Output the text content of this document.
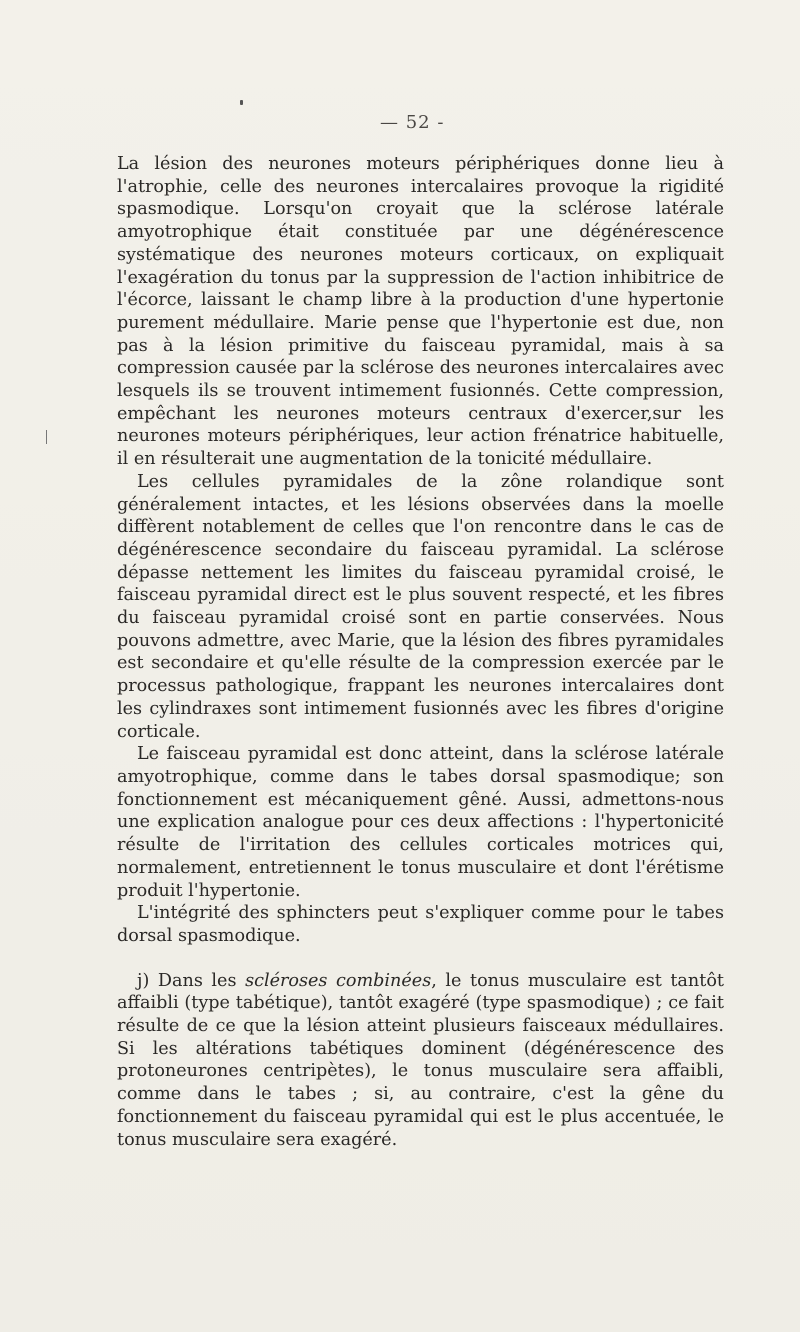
— 52 -

La lésion des neurones moteurs périphériques donne lieu à l'atrophie, celle des neurones intercalaires provoque la rigidité spasmodique. Lorsqu'on croyait que la sclérose latérale amyotrophique était constituée par une dégénérescence systématique des neurones moteurs corticaux, on expliquait l'exagération du tonus par la suppression de l'action inhibitrice de l'écorce, laissant le champ libre à la production d'une hypertonie purement médullaire. Marie pense que l'hypertonie est due, non pas à la lésion primitive du faisceau pyramidal, mais à sa compression causée par la sclérose des neurones intercalaires avec lesquels ils se trouvent intimement fusionnés. Cette compression, empêchant les neurones moteurs centraux d'exercer,sur les neurones moteurs périphériques, leur action frénatrice habituelle, il en résulterait une augmentation de la tonicité médullaire.

Les cellules pyramidales de la zône rolandique sont généralement intactes, et les lésions observées dans la moelle diffèrent notablement de celles que l'on rencontre dans le cas de dégénérescence secondaire du faisceau pyramidal. La sclérose dépasse nettement les limites du faisceau pyramidal croisé, le faisceau pyramidal direct est le plus souvent respecté, et les fibres du faisceau pyramidal croisé sont en partie conservées. Nous pouvons admettre, avec Marie, que la lésion des fibres pyramidales est secondaire et qu'elle résulte de la compression exercée par le processus pathologique, frappant les neurones intercalaires dont les cylindraxes sont intimement fusionnés avec les fibres d'origine corticale.

Le faisceau pyramidal est donc atteint, dans la sclérose latérale amyotrophique, comme dans le tabes dorsal spasmodique; son fonctionnement est mécaniquement gêné. Aussi, admettons-nous une explication analogue pour ces deux affections : l'hypertonicité résulte de l'irritation des cellules corticales motrices qui, normalement, entretiennent le tonus musculaire et dont l'érétisme produit l'hypertonie.

L'intégrité des sphincters peut s'expliquer comme pour le tabes dorsal spasmodique.

j) Dans les scléroses combinées, le tonus musculaire est tantôt affaibli (type tabétique), tantôt exagéré (type spasmodique) ; ce fait résulte de ce que la lésion atteint plusieurs faisceaux médullaires. Si les altérations tabétiques dominent (dégénérescence des protoneurones centripètes), le tonus musculaire sera affaibli, comme dans le tabes ; si, au contraire, c'est la gêne du fonctionnement du faisceau pyramidal qui est le plus accentuée, le tonus musculaire sera exagéré.
